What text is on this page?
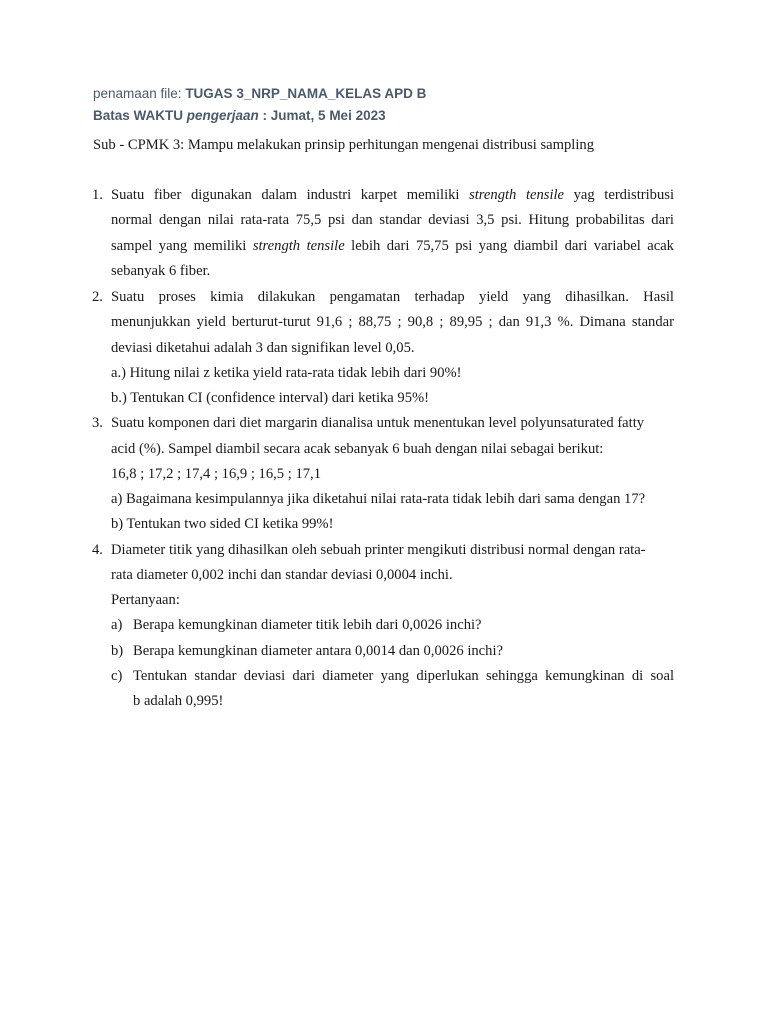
penamaan file: TUGAS 3_NRP_NAMA_KELAS APD B
Batas WAKTU pengerjaan : Jumat, 5 Mei 2023
Sub - CPMK 3: Mampu melakukan prinsip perhitungan mengenai distribusi sampling
1. Suatu fiber digunakan dalam industri karpet memiliki strength tensile yag terdistribusi
normal dengan nilai rata-rata 75,5 psi dan standar deviasi 3,5 psi. Hitung probabilitas dari
sampel yang memiliki strength tensile lebih dari 75,75 psi yang diambil dari variabel acak
sebanyak 6 fiber.
2. Suatu proses kimia dilakukan pengamatan terhadap yield yang dihasilkan. Hasil
menunjukkan yield berturut-turut 91,6 ; 88,75 ; 90,8 ; 89,95 ; dan 91,3 %. Dimana standar
deviasi diketahui adalah 3 dan signifikan level 0,05.
a.) Hitung nilai z ketika yield rata-rata tidak lebih dari 90%!
b.) Tentukan CI (confidence interval) dari ketika 95%!
3. Suatu komponen dari diet margarin dianalisa untuk menentukan level polyunsaturated fatty
acid (%). Sampel diambil secara acak sebanyak 6 buah dengan nilai sebagai berikut:
16,8 ; 17,2 ; 17,4 ; 16,9 ; 16,5 ; 17,1
a) Bagaimana kesimpulannya jika diketahui nilai rata-rata tidak lebih dari sama dengan 17?
b) Tentukan two sided CI ketika 99%!
4. Diameter titik yang dihasilkan oleh sebuah printer mengikuti distribusi normal dengan rata-
rata diameter 0,002 inchi dan standar deviasi 0,0004 inchi.
Pertanyaan:
a) Berapa kemungkinan diameter titik lebih dari 0,0026 inchi?
b) Berapa kemungkinan diameter antara 0,0014 dan 0,0026 inchi?
c) Tentukan standar deviasi dari diameter yang diperlukan sehingga kemungkinan di soal
b adalah 0,995!
